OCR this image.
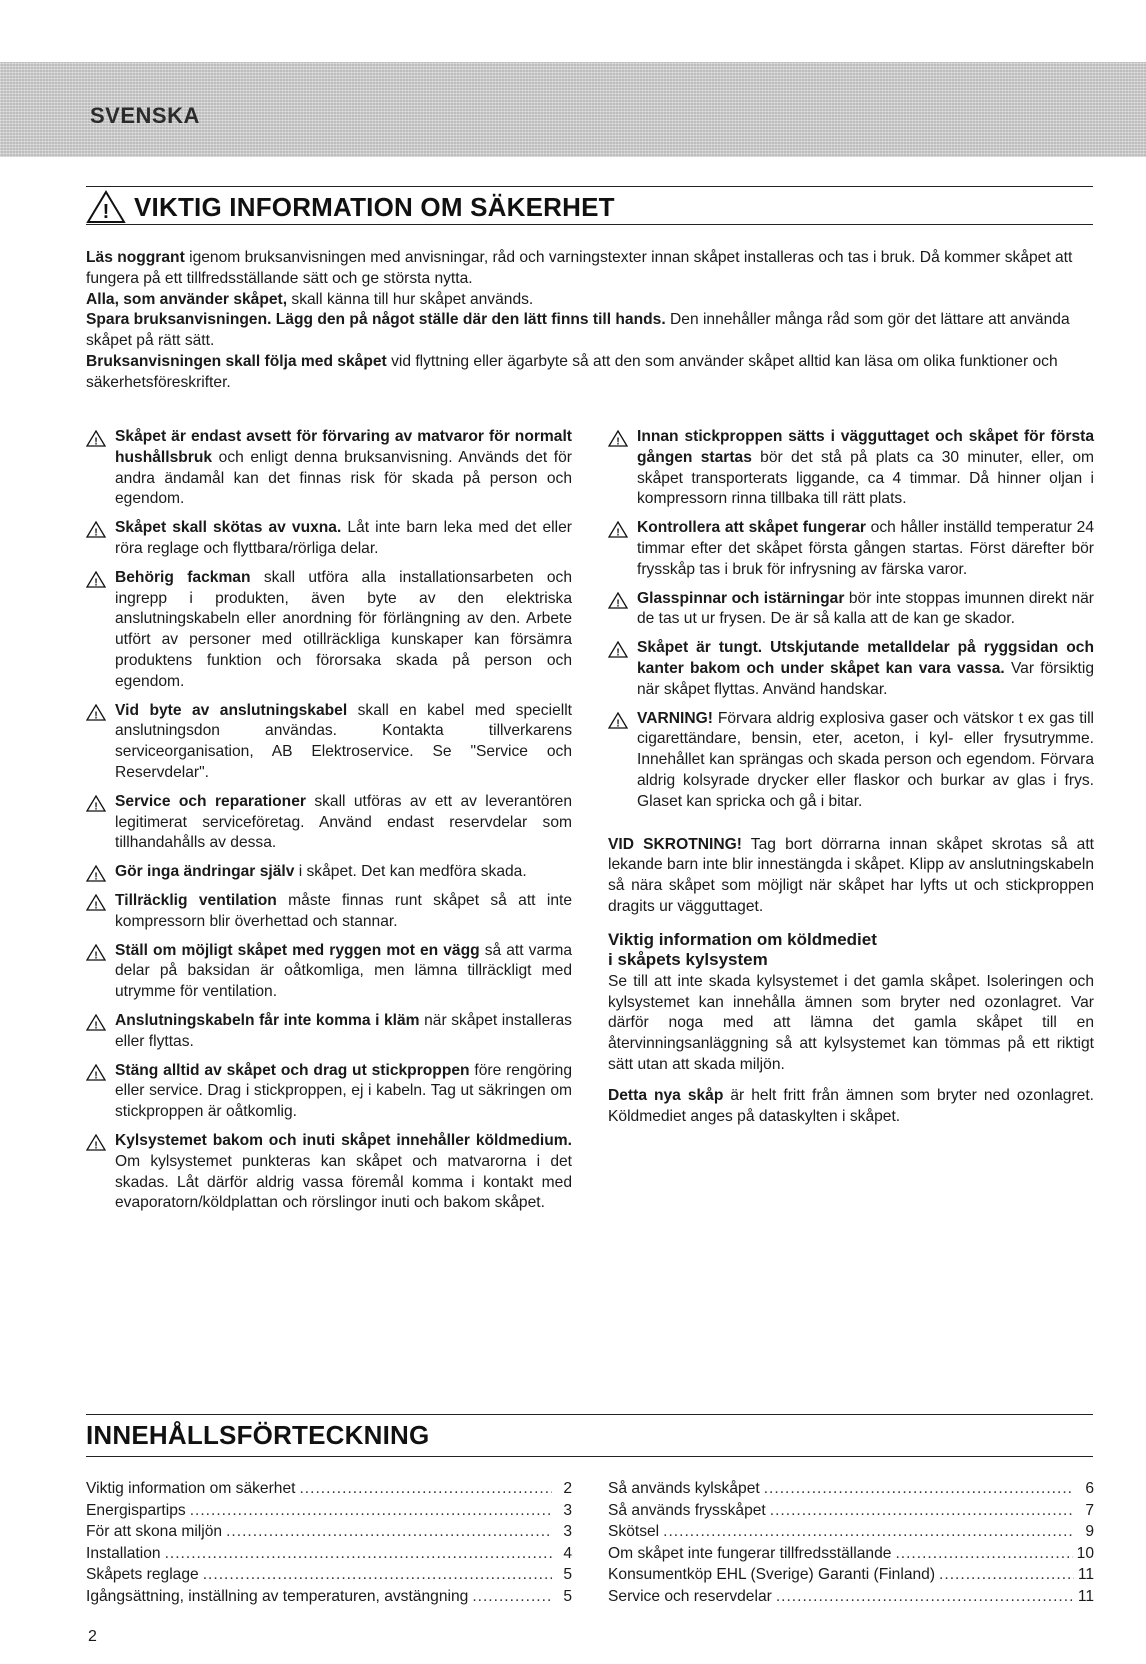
SVENSKA
! VIKTIG INFORMATION OM SÄKERHET

Läs noggrant igenom bruksanvisningen med anvisningar, råd och varningstexter innan skåpet installeras och tas i bruk. Då kommer skåpet att fungera på ett tillfredsställande sätt och ge största nytta.

Alla, som använder skåpet, skall känna till hur skåpet används.

Spara bruksanvisningen. Lägg den på något ställe där den lätt finns till hands. Den innehåller många råd som gör det lättare att använda skåpet på rätt sätt.

Bruksanvisningen skall följa med skåpet vid flyttning eller ägarbyte så att den som använder skåpet alltid kan läsa om olika funktioner och säkerhetsföreskrifter.

! Skåpet är endast avsett för förvaring av matvaror för normalt hushållsbruk och enligt denna bruksanvisning. Används det för andra ändamål kan det finnas risk för skada på person och egendom.
! Skåpet skall skötas av vuxna. Låt inte barn leka med det eller röra reglage och flyttbara/rörliga delar.
! Behörig fackman skall utföra alla installationsarbeten och ingrepp i produkten, även byte av den elektriska anslutningskabeln eller anordning för förlängning av den. Arbete utfört av personer med otillräckliga kunskaper kan försämra produktens funktion och förorsaka skada på person och egendom.
! Vid byte av anslutningskabel skall en kabel med speciellt anslutningsdon användas. Kontakta tillverkarens serviceorganisation, AB Elektroservice. Se "Service och Reservdelar".
! Service och reparationer skall utföras av ett av leverantören legitimerat serviceföretag. Använd endast reservdelar som tillhandahålls av dessa.
! Gör inga ändringar själv i skåpet. Det kan medföra skada.
! Tillräcklig ventilation måste finnas runt skåpet så att inte kompressorn blir överhettad och stannar.
! Ställ om möjligt skåpet med ryggen mot en vägg så att varma delar på baksidan är oåtkomliga, men lämna tillräckligt med utrymme för ventilation.
! Anslutningskabeln får inte komma i kläm när skåpet installeras eller flyttas.
! Stäng alltid av skåpet och drag ut stickproppen före rengöring eller service. Drag i stickproppen, ej i kabeln. Tag ut säkringen om stickproppen är oåtkomlig.
! Kylsystemet bakom och inuti skåpet innehåller köldmedium. Om kylsystemet punkteras kan skåpet och matvarorna i det skadas. Låt därför aldrig vassa föremål komma i kontakt med evaporatorn/köldplattan och rörslingor inuti och bakom skåpet.
! Innan stickproppen sätts i vägguttaget och skåpet för första gången startas bör det stå på plats ca 30 minuter, eller, om skåpet transporterats liggande, ca 4 timmar. Då hinner oljan i kompressorn rinna tillbaka till rätt plats.
! Kontrollera att skåpet fungerar och håller inställd temperatur 24 timmar efter det skåpet första gången startas. Först därefter bör frysskåp tas i bruk för infrysning av färska varor.
! Glasspinnar och istärningar bör inte stoppas imunnen direkt när de tas ut ur frysen. De är så kalla att de kan ge skador.
! Skåpet är tungt. Utskjutande metalldelar på ryggsidan och kanter bakom och under skåpet kan vara vassa. Var försiktig när skåpet flyttas. Använd handskar.
! VARNING! Förvara aldrig explosiva gaser och vätskor t ex gas till cigarettändare, bensin, eter, aceton, i kyl- eller frysutrymme. Innehållet kan sprängas och skada person och egendom. Förvara aldrig kolsyrade drycker eller flaskor och burkar av glas i frys. Glaset kan spricka och gå i bitar.

VID SKROTNING! Tag bort dörrarna innan skåpet skrotas så att lekande barn inte blir innestängda i skåpet. Klipp av anslutningskabeln så nära skåpet som möjligt när skåpet har lyfts ut och stickproppen dragits ur vägguttaget.

Viktig information om köldmediet
i skåpets kylsystem

Se till att inte skada kylsystemet i det gamla skåpet. Isoleringen och kylsystemet kan innehålla ämnen som bryter ned ozonlagret. Var därför noga med att lämna det gamla skåpet till en återvinningsanläggning så att kylsystemet kan tömmas på ett riktigt sätt utan att skada miljön.

Detta nya skåp är helt fritt från ämnen som bryter ned ozonlagret. Köldmediet anges på dataskylten i skåpet.

INNEHÅLLSFÖRTECKNING
Viktig information om säkerhet .....	2
Energispartips .....	3
För att skona miljön .....	3
Installation .....	4
Skåpets reglage .....	5
Igångsättning, inställning av temperaturen, avstängning .....	5
Så används kylskåpet .....	6
Så används frysskåpet .....	7
Skötsel .....	9
Om skåpet inte fungerar tillfredsställande .....	10
Konsumentköp EHL (Sverige) Garanti (Finland) .....	11
Service och reservdelar .....	11
2
